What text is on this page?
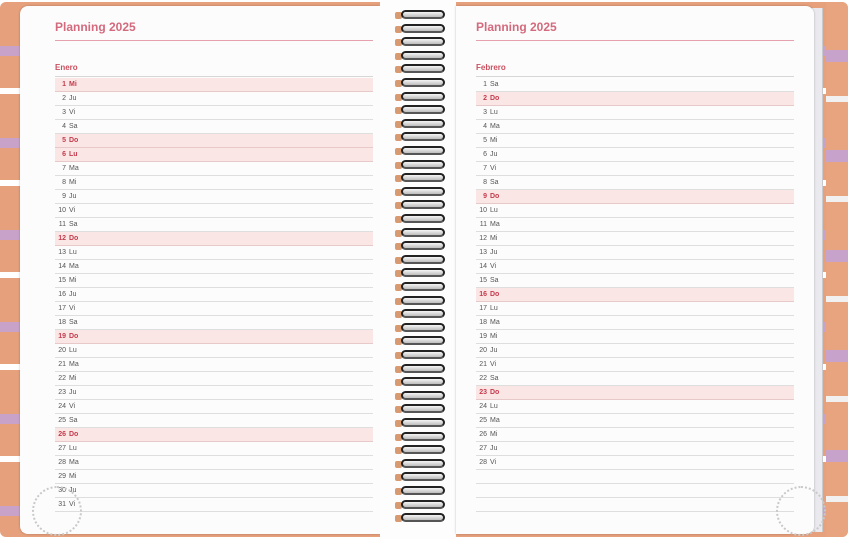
Planning 2025
Enero
1 Mi
2 Ju
3 Vi
4 Sa
5 Do
6 Lu
7 Ma
8 Mi
9 Ju
10 Vi
11 Sa
12 Do
13 Lu
14 Ma
15 Mi
16 Ju
17 Vi
18 Sa
19 Do
20 Lu
21 Ma
22 Mi
23 Ju
24 Vi
25 Sa
26 Do
27 Lu
28 Ma
29 Mi
30 Ju
31 Vi
Planning 2025
Febrero
1 Sa
2 Do
3 Lu
4 Ma
5 Mi
6 Ju
7 Vi
8 Sa
9 Do
10 Lu
11 Ma
12 Mi
13 Ju
14 Vi
15 Sa
16 Do
17 Lu
18 Ma
19 Mi
20 Ju
21 Vi
22 Sa
23 Do
24 Lu
25 Ma
26 Mi
27 Ju
28 Vi
